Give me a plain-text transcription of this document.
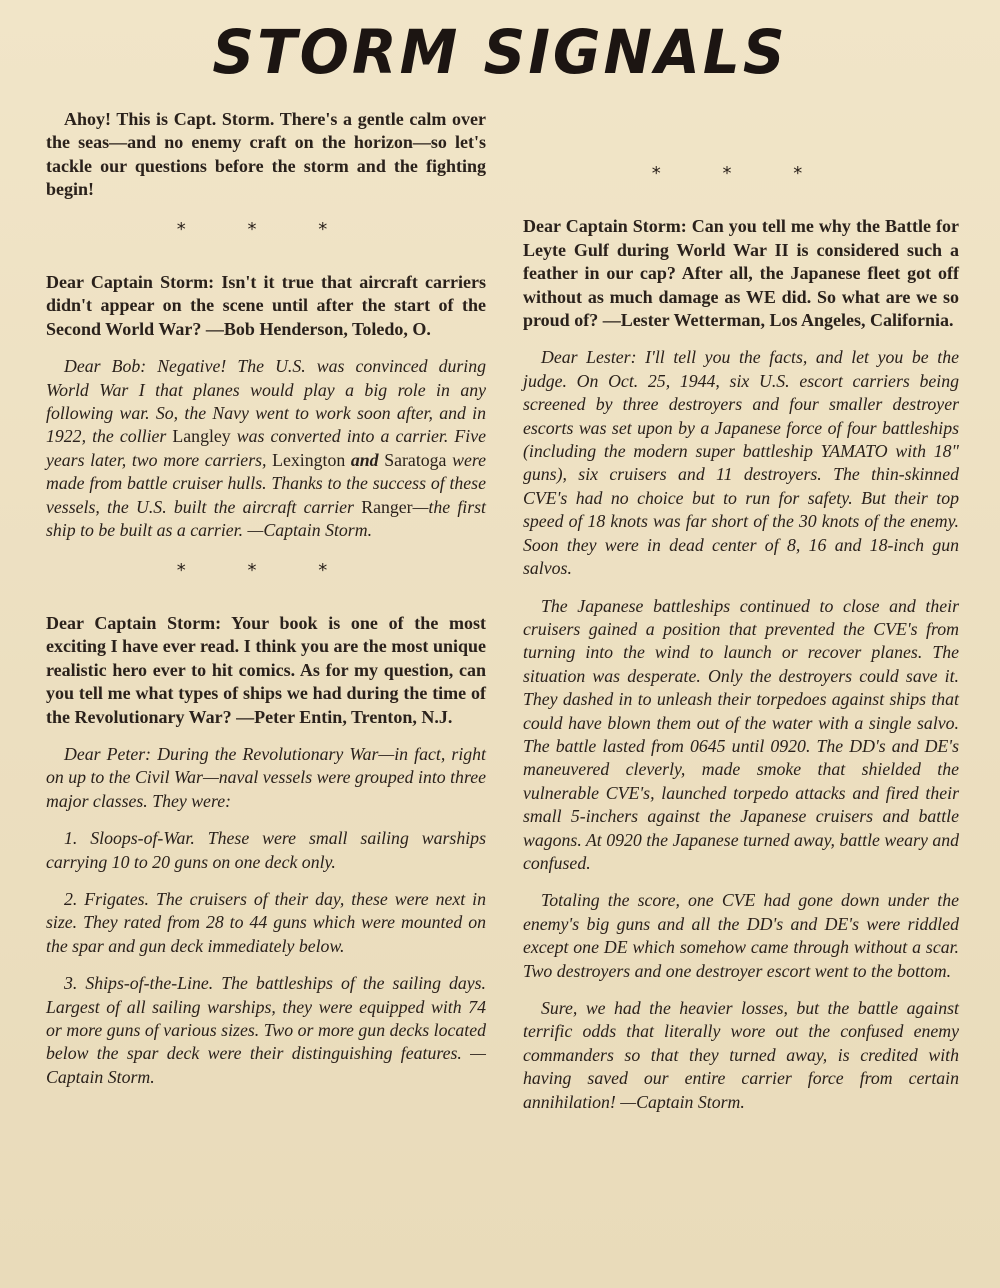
STORM SIGNALS

Ahoy! This is Capt. Storm. There's a gentle calm over the seas—and no enemy craft on the horizon—so let's tackle our questions before the storm and the fighting begin!

* * *

Dear Captain Storm: Isn't it true that aircraft carriers didn't appear on the scene until after the start of the Second World War? —Bob Henderson, Toledo, O.

Dear Bob: Negative! The U.S. was convinced during World War I that planes would play a big role in any following war. So, the Navy went to work soon after, and in 1922, the collier Langley was converted into a carrier. Five years later, two more carriers, Lexington and Saratoga were made from battle cruiser hulls. Thanks to the success of these vessels, the U.S. built the aircraft carrier Ranger—the first ship to be built as a carrier. —Captain Storm.

* * *

Dear Captain Storm: Your book is one of the most exciting I have ever read. I think you are the most unique realistic hero ever to hit comics. As for my question, can you tell me what types of ships we had during the time of the Revolutionary War? —Peter Entin, Trenton, N.J.

Dear Peter: During the Revolutionary War—in fact, right on up to the Civil War—naval vessels were grouped into three major classes. They were:

1. Sloops-of-War. These were small sailing warships carrying 10 to 20 guns on one deck only.

2. Frigates. The cruisers of their day, these were next in size. They rated from 28 to 44 guns which were mounted on the spar and gun deck immediately below.

3. Ships-of-the-Line. The battleships of the sailing days. Largest of all sailing warships, they were equipped with 74 or more guns of various sizes. Two or more gun decks located below the spar deck were their distinguishing features. —Captain Storm.

* * *

Dear Captain Storm: Can you tell me why the Battle for Leyte Gulf during World War II is considered such a feather in our cap? After all, the Japanese fleet got off without as much damage as WE did. So what are we so proud of? —Lester Wetterman, Los Angeles, California.

Dear Lester: I'll tell you the facts, and let you be the judge. On Oct. 25, 1944, six U.S. escort carriers being screened by three destroyers and four smaller destroyer escorts was set upon by a Japanese force of four battleships (including the modern super battleship YAMATO with 18" guns), six cruisers and 11 destroyers. The thin-skinned CVE's had no choice but to run for safety. But their top speed of 18 knots was far short of the 30 knots of the enemy. Soon they were in dead center of 8, 16 and 18-inch gun salvos.

The Japanese battleships continued to close and their cruisers gained a position that prevented the CVE's from turning into the wind to launch or recover planes. The situation was desperate. Only the destroyers could save it. They dashed in to unleash their torpedoes against ships that could have blown them out of the water with a single salvo. The battle lasted from 0645 until 0920. The DD's and DE's maneuvered cleverly, made smoke that shielded the vulnerable CVE's, launched torpedo attacks and fired their small 5-inchers against the Japanese cruisers and battle wagons. At 0920 the Japanese turned away, battle weary and confused.

Totaling the score, one CVE had gone down under the enemy's big guns and all the DD's and DE's were riddled except one DE which somehow came through without a scar. Two destroyers and one destroyer escort went to the bottom.

Sure, we had the heavier losses, but the battle against terrific odds that literally wore out the confused enemy commanders so that they turned away, is credited with having saved our entire carrier force from certain annihilation! —Captain Storm.
